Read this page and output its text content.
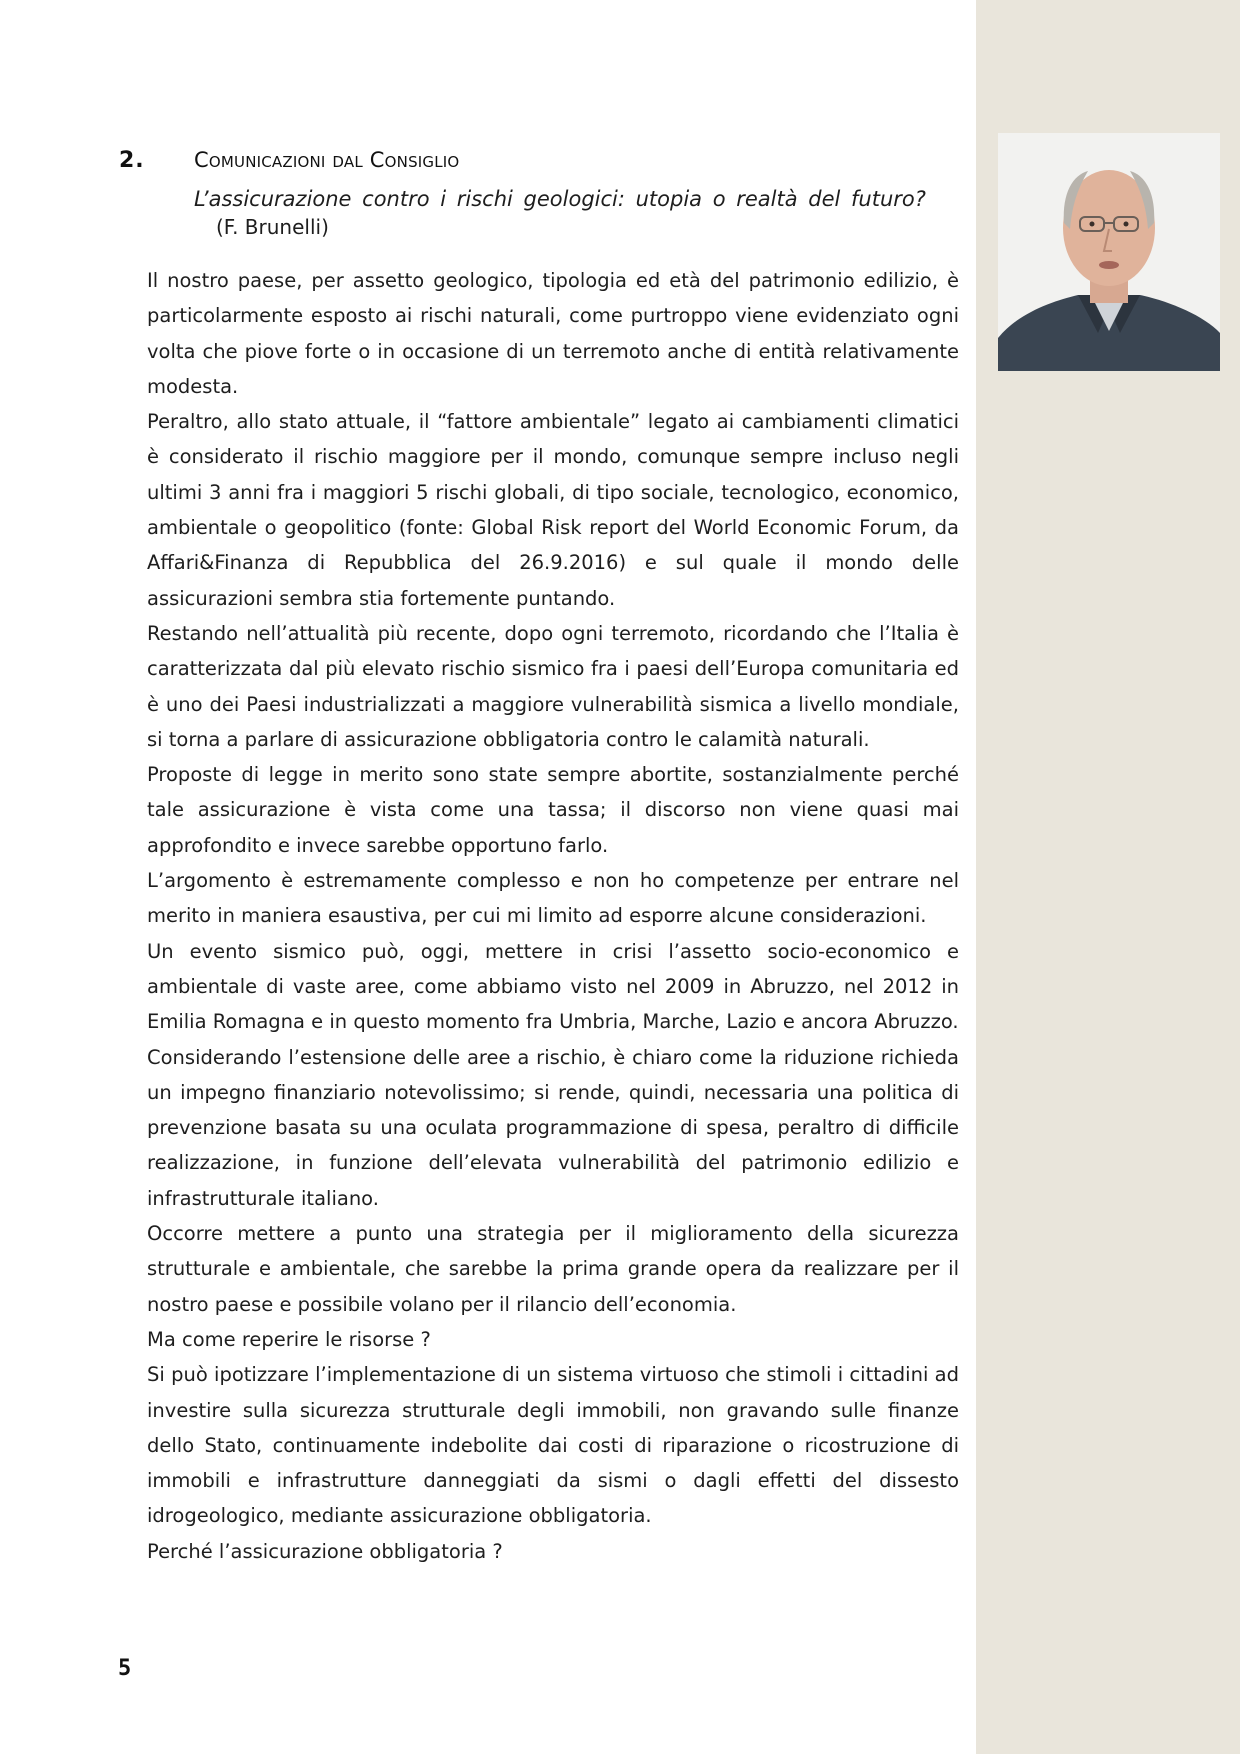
2. Comunicazioni dal Consiglio
L’assicurazione contro i rischi geologici: utopia o realtà del futuro?
(F. Brunelli)

Il nostro paese, per assetto geologico, tipologia ed età del patrimonio edilizio, è particolarmente esposto ai rischi naturali, come purtroppo viene evidenziato ogni volta che piove forte o in occasione di un terremoto anche di entità relativamente modesta.

Peraltro, allo stato attuale, il “fattore ambientale” legato ai cambiamenti climatici è considerato il rischio maggiore per il mondo, comunque sempre incluso negli ultimi 3 anni fra i maggiori 5 rischi globali, di tipo sociale, tecnologico, economico, ambientale o geopolitico (fonte: Global Risk report del World Economic Forum, da Affari&Finanza di Repubblica del 26.9.2016) e sul quale il mondo delle assicurazioni sembra stia fortemente puntando.

Restando nell’attualità più recente, dopo ogni terremoto, ricordando che l’Italia è caratterizzata dal più elevato rischio sismico fra i paesi dell’Europa comunitaria ed è uno dei Paesi industrializzati a maggiore vulnerabilità sismica a livello mondiale, si torna a parlare di assicurazione obbligatoria contro le calamità naturali.

Proposte di legge in merito sono state sempre abortite, sostanzialmente perché tale assicurazione è vista come una tassa; il discorso non viene quasi mai approfondito e invece sarebbe opportuno farlo.

L’argomento è estremamente complesso e non ho competenze per entrare nel merito in maniera esaustiva, per cui mi limito ad esporre alcune considerazioni.

Un evento sismico può, oggi, mettere in crisi l’assetto socio-economico e ambientale di vaste aree, come abbiamo visto nel 2009 in Abruzzo, nel 2012 in Emilia Romagna e in questo momento fra Umbria, Marche, Lazio e ancora Abruzzo.

Considerando l’estensione delle aree a rischio, è chiaro come la riduzione richieda un impegno finanziario notevolissimo; si rende, quindi, necessaria una politica di prevenzione basata su una oculata programmazione di spesa, peraltro di difficile realizzazione, in funzione dell’elevata vulnerabilità del patrimonio edilizio e infrastrutturale italiano.

Occorre mettere a punto una strategia per il miglioramento della sicurezza strutturale e ambientale, che sarebbe la prima grande opera da realizzare per il nostro paese e possibile volano per il rilancio dell’economia.

Ma come reperire le risorse ?

Si può ipotizzare l’implementazione di un sistema virtuoso che stimoli i cittadini ad investire sulla sicurezza strutturale degli immobili, non gravando sulle finanze dello Stato, continuamente indebolite dai costi di riparazione o ricostruzione di immobili e infrastrutture danneggiati da sismi o dagli effetti del dissesto idrogeologico, mediante assicurazione obbligatoria.

Perché l’assicurazione obbligatoria ?

5
